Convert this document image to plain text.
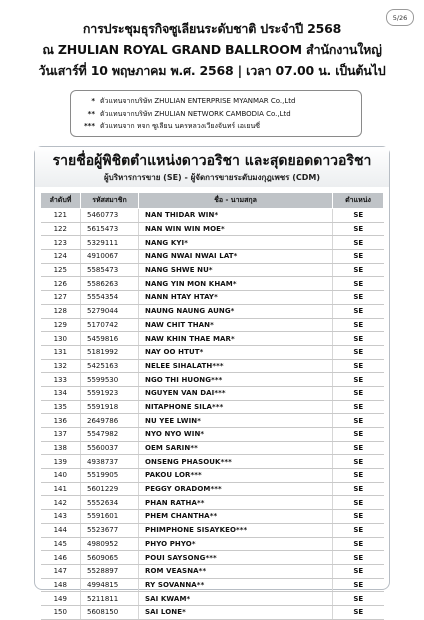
5/26
การประชุมธุรกิจซูเลียนระดับชาติ ประจำปี 2568
ณ ZHULIAN ROYAL GRAND BALLROOM สำนักงานใหญ่
วันเสาร์ที่ 10 พฤษภาคม พ.ศ. 2568 | เวลา 07.00 น. เป็นต้นไป
* ตัวแทนจากบริษัท ZHULIAN ENTERPRISE MYANMAR Co.,Ltd
** ตัวแทนจากบริษัท ZHULIAN NETWORK CAMBODIA Co.,Ltd
*** ตัวแทนจาก หจก ซูเลียน นครหลวงเวียงจันทร์ เอเยนซี่
รายชื่อผู้พิชิตตำแหน่งดาวอริชา และสุดยอดดาวอริชา
ผู้บริหารการขาย (SE) - ผู้จัดการขายระดับมงกุฎเพชร (CDM)
ลำดับที่	รหัสสมาชิก	ชื่อ - นามสกุล	ตำแหน่ง
121	5460773	NAN THIDAR WIN*	SE
122	5615473	NAN WIN WIN MOE*	SE
123	5329111	NANG KYI*	SE
124	4910067	NANG NWAI NWAI LAT*	SE
125	5585473	NANG SHWE NU*	SE
126	5586263	NANG YIN MON KHAM*	SE
127	5554354	NANN HTAY HTAY*	SE
128	5279044	NAUNG NAUNG AUNG*	SE
129	5170742	NAW CHIT THAN*	SE
130	5459816	NAW KHIN THAE MAR*	SE
131	5181992	NAY OO HTUT*	SE
132	5425163	NELEE SIHALATH***	SE
133	5599530	NGO THI HUONG***	SE
134	5591923	NGUYEN VAN DAI***	SE
135	5591918	NITAPHONE SILA***	SE
136	2649786	NU YEE LWIN*	SE
137	5547982	NYO NYO WIN*	SE
138	5560037	OEM SARIN**	SE
139	4938737	ONSENG PHASOUK***	SE
140	5519905	PAKOU LOR***	SE
141	5601229	PEGGY ORADOM***	SE
142	5552634	PHAN RATHA**	SE
143	5591601	PHEM CHANTHA**	SE
144	5523677	PHIMPHONE SISAYKEO***	SE
145	4980952	PHYO PHYO*	SE
146	5609065	POUI SAYSONG***	SE
147	5528897	ROM VEASNA**	SE
148	4994815	RY SOVANNA**	SE
149	5211811	SAI KWAM*	SE
150	5608150	SAI LONE*	SE
